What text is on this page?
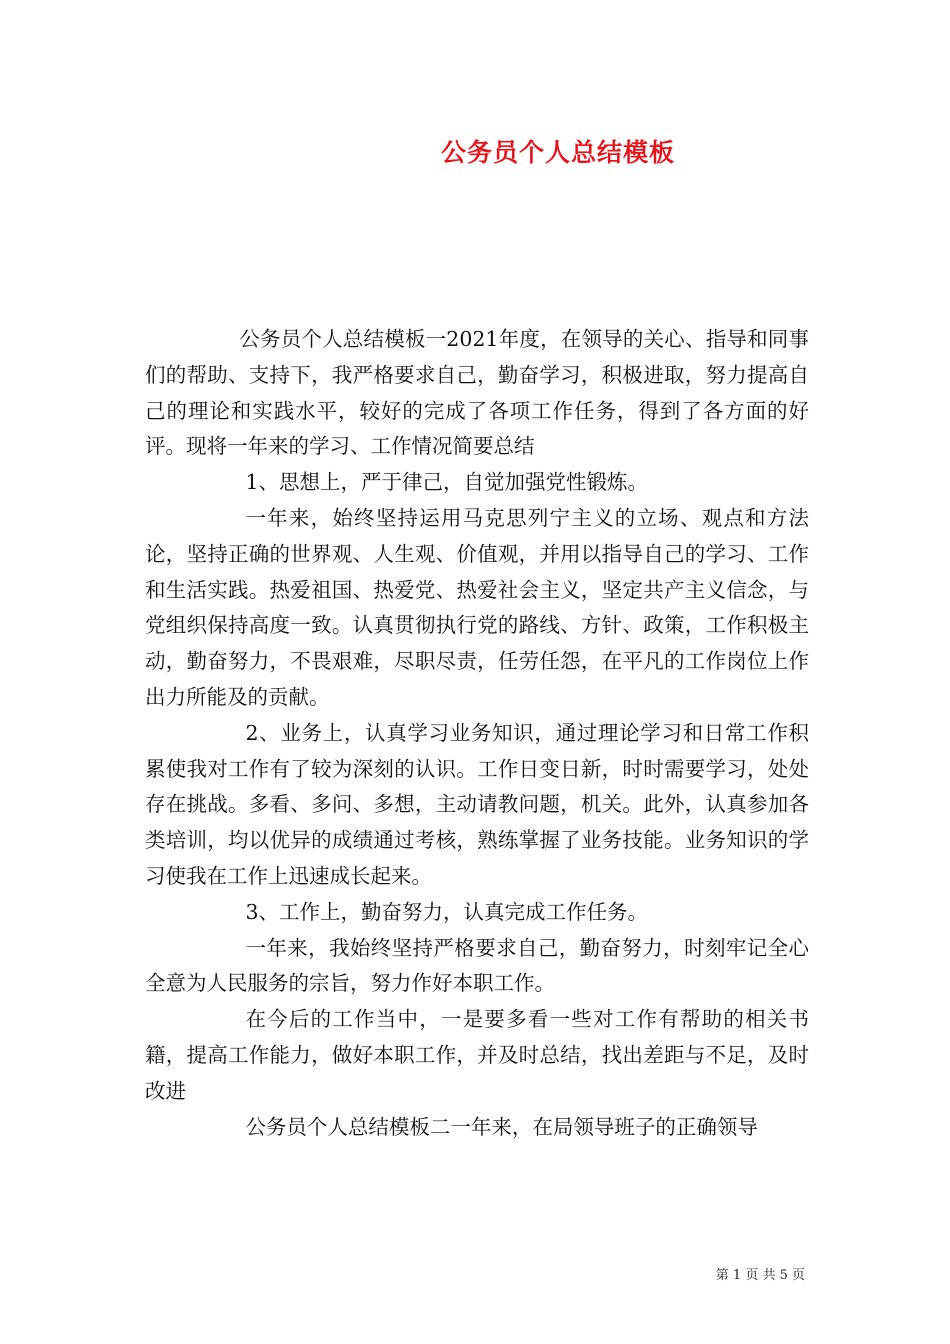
公务员个人总结模板

公务员个人总结模板一2021年度，在领导的关心、指导和同事们的帮助、支持下，我严格要求自己，勤奋学习，积极进取，努力提高自己的理论和实践水平，较好的完成了各项工作任务，得到了各方面的好评。现将一年来的学习、工作情况简要总结

1、思想上，严于律己，自觉加强党性锻炼。

一年来，始终坚持运用马克思列宁主义的立场、观点和方法论，坚持正确的世界观、人生观、价值观，并用以指导自己的学习、工作和生活实践。热爱祖国、热爱党、热爱社会主义，坚定共产主义信念，与党组织保持高度一致。认真贯彻执行党的路线、方针、政策，工作积极主动，勤奋努力，不畏艰难，尽职尽责，任劳任怨，在平凡的工作岗位上作出力所能及的贡献。

2、业务上，认真学习业务知识，通过理论学习和日常工作积累使我对工作有了较为深刻的认识。工作日变日新，时时需要学习，处处存在挑战。多看、多问、多想，主动请教问题，机关。此外，认真参加各类培训，均以优异的成绩通过考核，熟练掌握了业务技能。业务知识的学习使我在工作上迅速成长起来。

3、工作上，勤奋努力，认真完成工作任务。

一年来，我始终坚持严格要求自己，勤奋努力，时刻牢记全心全意为人民服务的宗旨，努力作好本职工作。

在今后的工作当中，一是要多看一些对工作有帮助的相关书籍，提高工作能力，做好本职工作，并及时总结，找出差距与不足，及时改进

公务员个人总结模板二一年来，在局领导班子的正确领导

第 1 页 共 5 页
